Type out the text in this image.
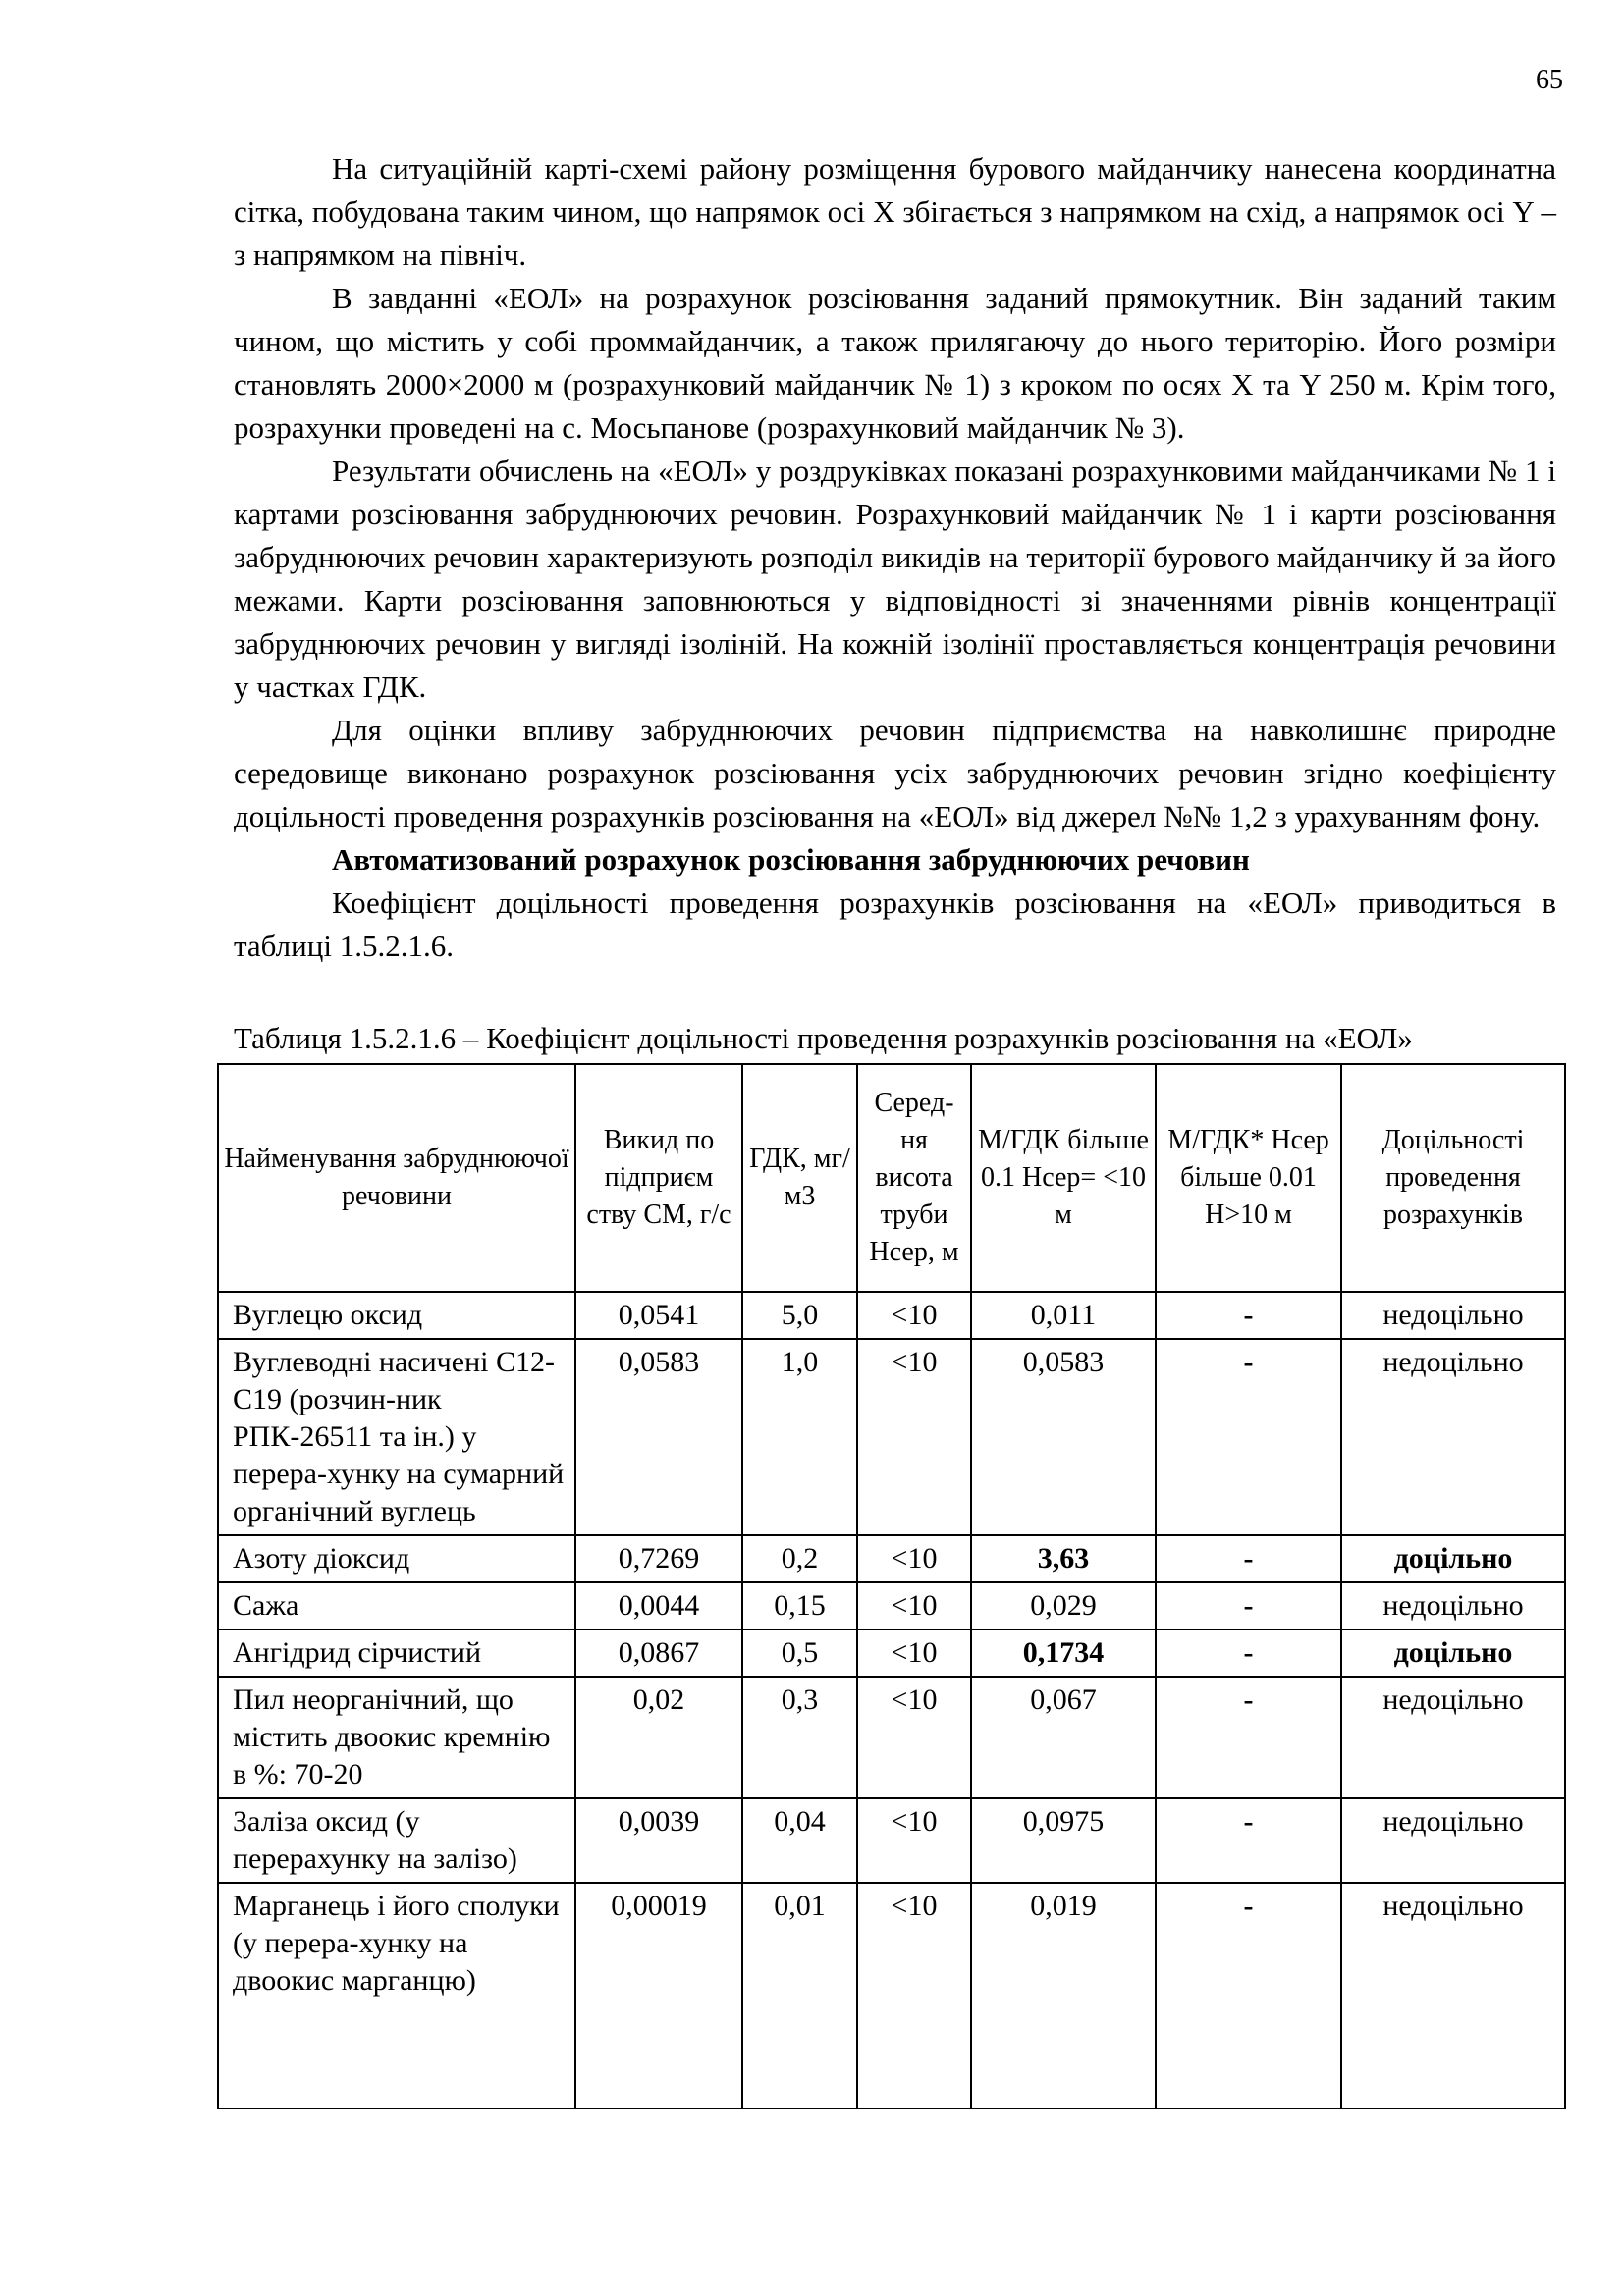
65

На ситуаційній карті-схемі району розміщення бурового майданчику нанесена координатна сітка, побудована таким чином, що напрямок осі Х збігається з напрямком на схід, а напрямок осі Y – з напрямком на північ.

В завданні «ЕОЛ» на розрахунок розсіювання заданий прямокутник. Він заданий таким чином, що містить у собі проммайданчик, а також прилягаючу до нього територію. Його розміри становлять 2000×2000 м (розрахунковий майданчик № 1) з кроком по осях Х та Y 250 м. Крім того, розрахунки проведені на с. Мосьпанове (розрахунковий майданчик № 3).

Результати обчислень на «ЕОЛ» у роздруківках показані розрахунковими майданчиками № 1 і картами розсіювання забруднюючих речовин. Розрахунковий майданчик № 1 і карти розсіювання забруднюючих речовин характеризують розподіл викидів на території бурового майданчику й за його межами. Карти розсіювання заповнюються у відповідності зі значеннями рівнів концентрації забруднюючих речовин у вигляді ізоліній. На кожній ізолінії проставляється концентрація речовини у частках ГДК.

Для оцінки впливу забруднюючих речовин підприємства на навколишнє природне середовище виконано розрахунок розсіювання усіх забруднюючих речовин згідно коефіцієнту доцільності проведення розрахунків розсіювання на «ЕОЛ» від джерел №№ 1,2 з урахуванням фону.

Автоматизований розрахунок розсіювання забруднюючих речовин

Коефіцієнт доцільності проведення розрахунків розсіювання на «ЕОЛ» приводиться в таблиці 1.5.2.1.6.

Таблиця 1.5.2.1.6 – Коефіцієнт доцільності проведення розрахунків розсіювання на «ЕОЛ»
Найменування забруднюючої речовини	Викид по підприєм ству СМ, г/с	ГДК, мг/м3	Серед-ня висота труби Нсер, м	М/ГДК більше 0.1 Нсер= <10 м	М/ГДК* Нсер більше 0.01 Н>10 м	Доцільності проведення розрахунків
Вуглецю оксид	0,0541	5,0	<10	0,011	-	недоцільно
Вуглеводні насичені С12-С19 (розчин-ник РПК-26511 та ін.) у перера-хунку на сумарний органічний вуглець	0,0583	1,0	<10	0,0583	-	недоцільно
Азоту діоксид	0,7269	0,2	<10	3,63	-	доцільно
Сажа	0,0044	0,15	<10	0,029	-	недоцільно
Ангідрид сірчистий	0,0867	0,5	<10	0,1734	-	доцільно
Пил неорганічний, що містить двоокис кремнію в %: 70-20	0,02	0,3	<10	0,067	-	недоцільно
Заліза оксид (у перерахунку на залізо)	0,0039	0,04	<10	0,0975	-	недоцільно
Марганець і його сполуки (у перера-хунку на двоокис марганцю)	0,00019	0,01	<10	0,019	-	недоцільно
